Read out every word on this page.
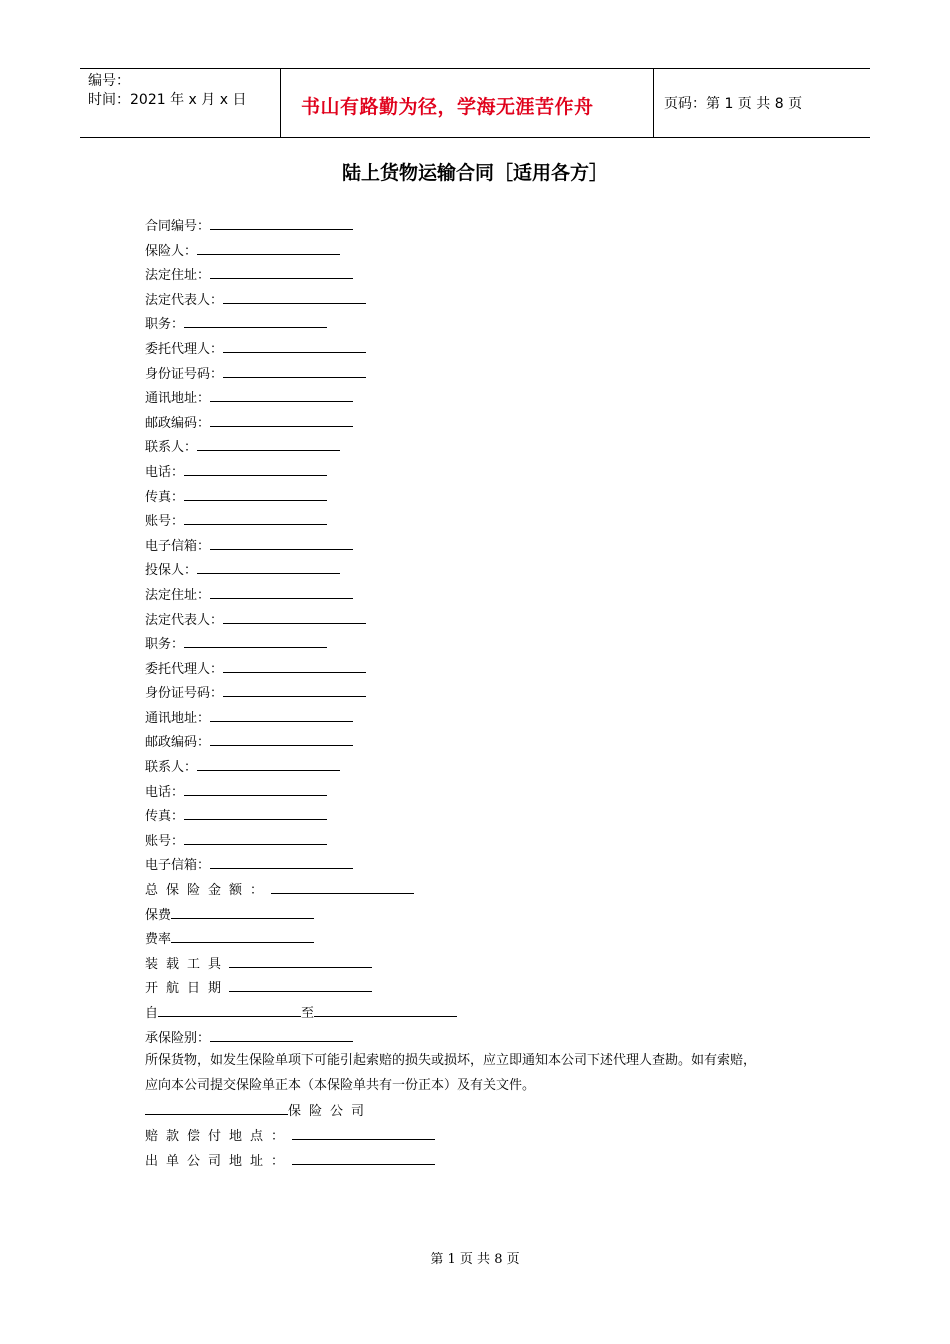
编号：
时间：2021 年 x 月 x 日	书山有路勤为径，学海无涯苦作舟	页码：第 1 页 共 8 页
陆上货物运输合同［适用各方］
合同编号：
保险人：
法定住址：
法定代表人：
职务：
委托代理人：
身份证号码：
通讯地址：
邮政编码：
联系人：
电话：
传真：
账号：
电子信箱：
投保人：
法定住址：
法定代表人：
职务：
委托代理人：
身份证号码：
通讯地址：
邮政编码：
联系人：
电话：
传真：
账号：
电子信箱：
总保险金额：
保费
费率
装载工具
开航日期
自	至
承保险别：
所保货物，如发生保险单项下可能引起索赔的损失或损坏，应立即通知本公司下述代理人查勘。如有索赔，
应向本公司提交保险单正本（本保险单共有一份正本）及有关文件。
保险公司
赔款偿付地点：
出单公司地址：
第 1 页 共 8 页
